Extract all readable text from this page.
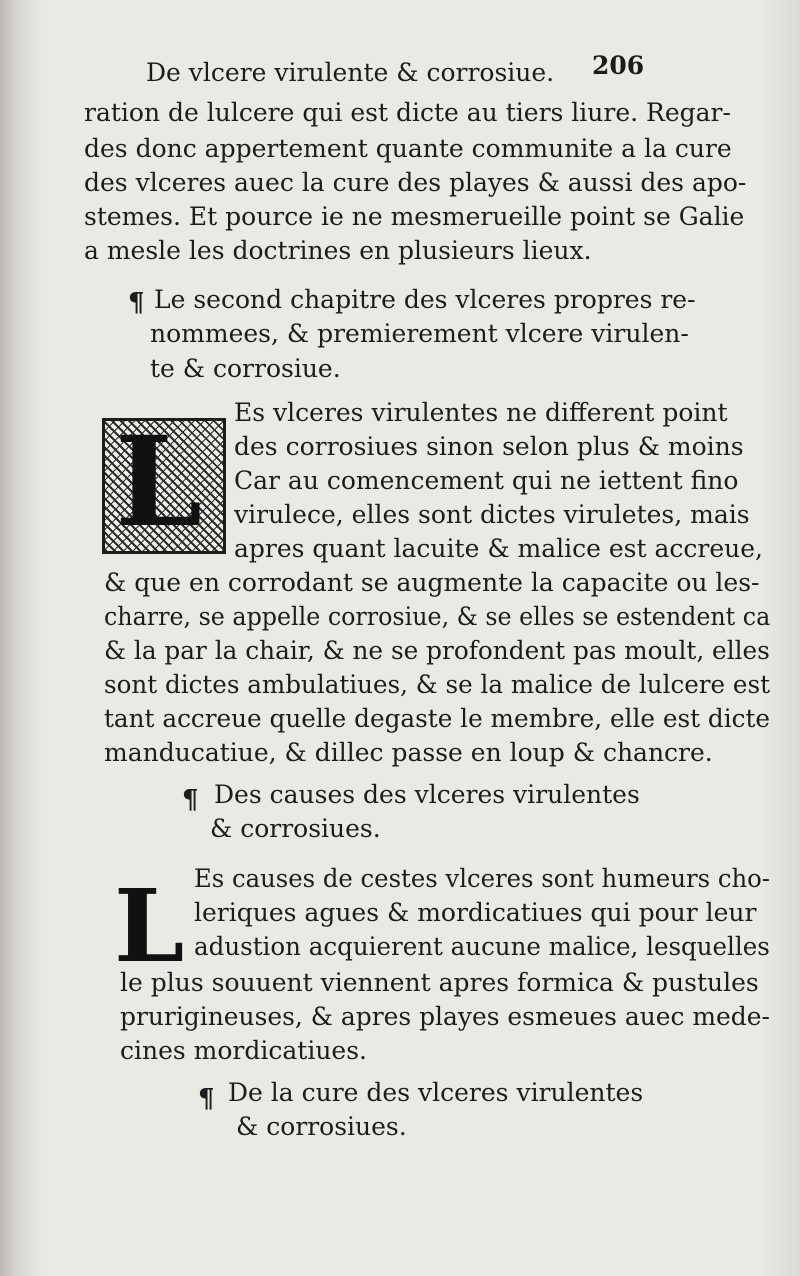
De vlcere virulente & corrosiue. 206
ration de lulcere qui est dicte au tiers liure. Regar-
des donc appertement quante communite a la cure
des vlceres auec la cure des playes & aussi des apo-
stemes. Et pource ie ne mesmerueille point se Galie
a mesle les doctrines en plusieurs lieux.
¶ Le second chapitre des vlceres propres re-
nommees, & premierement vlcere virulen-
te & corrosiue.
L Es vlceres virulentes ne different point
des corrosiues sinon selon plus & moins
Car au comencement qui ne iettent fino
virulece, elles sont dictes viruletes, mais
apres quant lacuite & malice est accreue,
& que en corrodant se augmente la capacite ou les-
charre, se appelle corrosiue, & se elles se estendent ca
& la par la chair, & ne se profondent pas moult, elles
sont dictes ambulatiues, & se la malice de lulcere est
tant accreue quelle degaste le membre, elle est dicte
manducatiue, & dillec passe en loup & chancre.
¶ Des causes des vlceres virulentes
& corrosiues.
L Es causes de cestes vlceres sont humeurs cho-
leriques agues & mordicatiues qui pour leur
adustion acquierent aucune malice, lesquelles
le plus souuent viennent apres formica & pustules
prurigineuses, & apres playes esmeues auec mede-
cines mordicatiues.
¶ De la cure des vlceres virulentes
& corrosiues.
